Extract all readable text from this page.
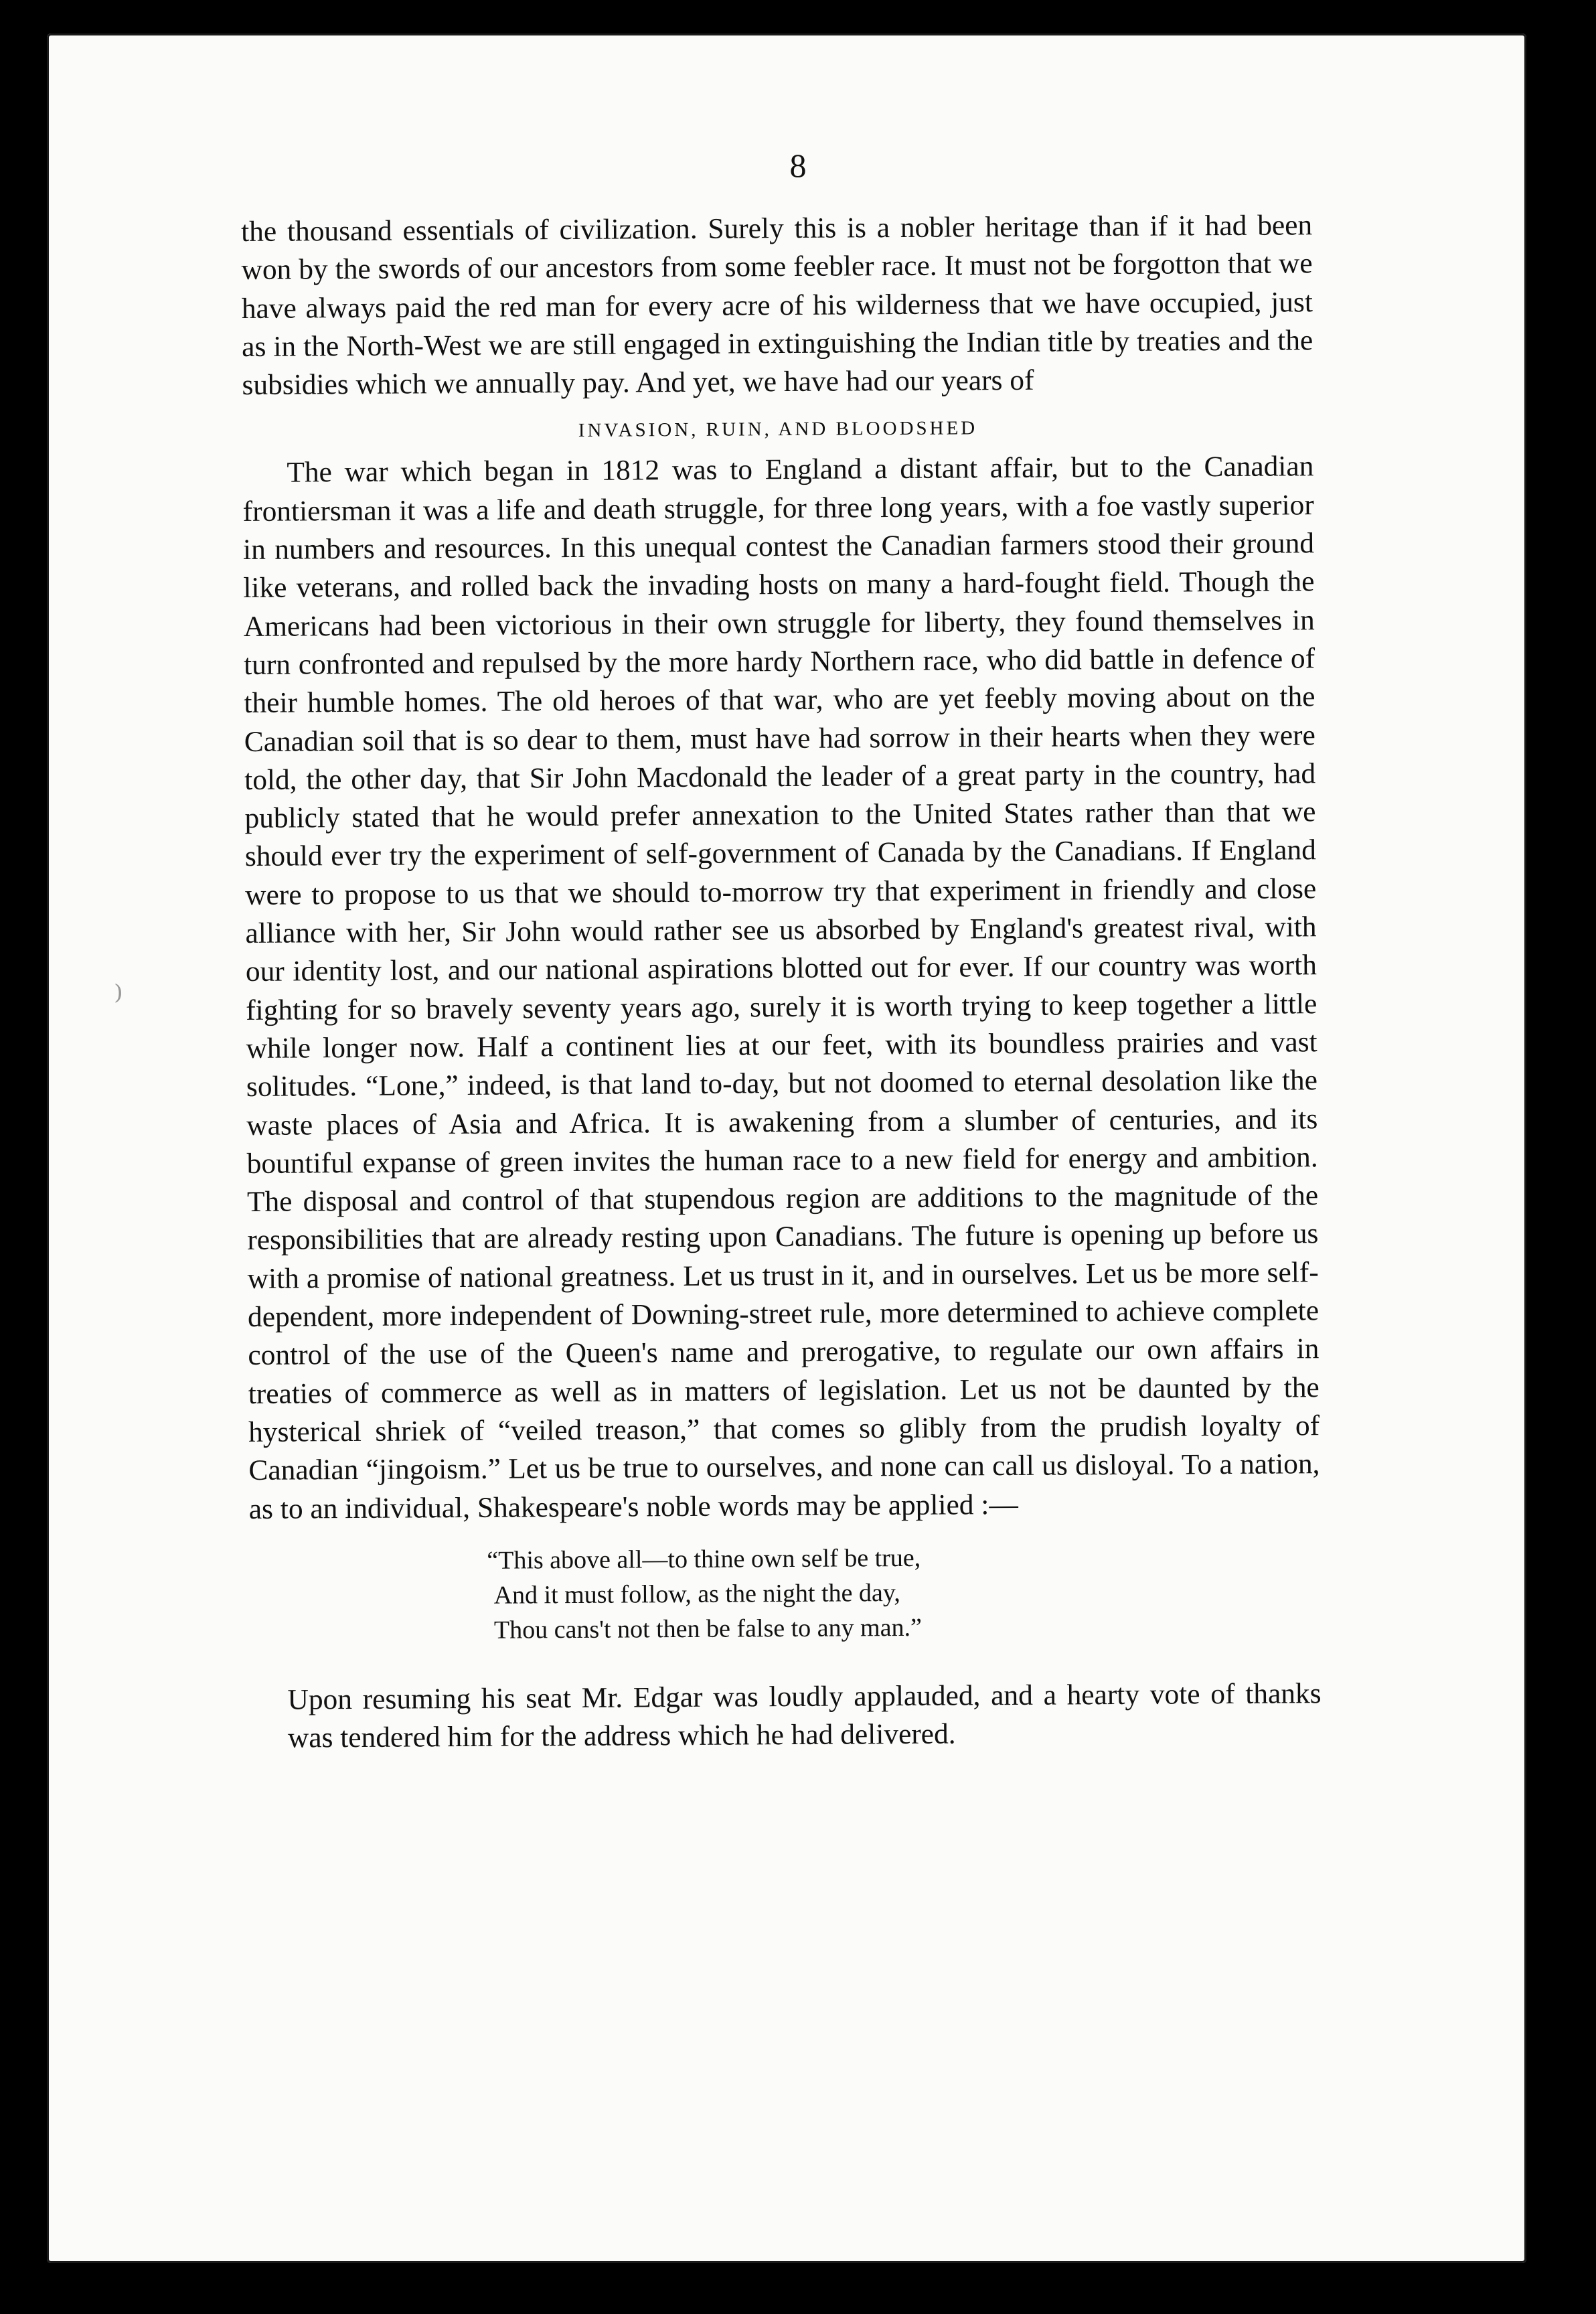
⁾
8

the thousand essentials of civilization. Surely this is a nobler heritage than if it had been won by the swords of our ancestors from some feebler race. It must not be forgotton that we have always paid the red man for every acre of his wilderness that we have occupied, just as in the North-West we are still engaged in extinguishing the Indian title by treaties and the subsidies which we annually pay. And yet, we have had our years of

INVASION, RUIN, AND BLOODSHED

The war which began in 1812 was to England a distant affair, but to the Canadian frontiersman it was a life and death struggle, for three long years, with a foe vastly superior in numbers and resources. In this unequal contest the Canadian farmers stood their ground like veterans, and rolled back the invading hosts on many a hard-fought field. Though the Americans had been victorious in their own struggle for liberty, they found themselves in turn confronted and repulsed by the more hardy Northern race, who did battle in defence of their humble homes. The old heroes of that war, who are yet feebly moving about on the Canadian soil that is so dear to them, must have had sorrow in their hearts when they were told, the other day, that Sir John Macdonald the leader of a great party in the country, had publicly stated that he would prefer annexation to the United States rather than that we should ever try the experiment of self-government of Canada by the Canadians. If England were to propose to us that we should to-morrow try that experiment in friendly and close alliance with her, Sir John would rather see us absorbed by England's greatest rival, with our identity lost, and our national aspirations blotted out for ever. If our country was worth fighting for so bravely seventy years ago, surely it is worth trying to keep together a little while longer now. Half a continent lies at our feet, with its boundless prairies and vast solitudes. “Lone,” indeed, is that land to-day, but not doomed to eternal desolation like the waste places of Asia and Africa. It is awakening from a slumber of centuries, and its bountiful expanse of green invites the human race to a new field for energy and ambition. The disposal and control of that stupendous region are additions to the magnitude of the responsibilities that are already resting upon Canadians. The future is opening up before us with a promise of national greatness. Let us trust in it, and in ourselves. Let us be more self-dependent, more independent of Downing-street rule, more determined to achieve complete control of the use of the Queen's name and prerogative, to regulate our own affairs in treaties of commerce as well as in matters of legislation. Let us not be daunted by the hysterical shriek of “veiled treason,” that comes so glibly from the prudish loyalty of Canadian “jingoism.” Let us be true to ourselves, and none can call us disloyal. To a nation, as to an individual, Shakespeare's noble words may be applied :—

“This above all—to thine own self be true,
And it must follow, as the night the day,
Thou cans't not then be false to any man.”

Upon resuming his seat Mr. Edgar was loudly applauded, and a hearty vote of thanks was tendered him for the address which he had delivered.
